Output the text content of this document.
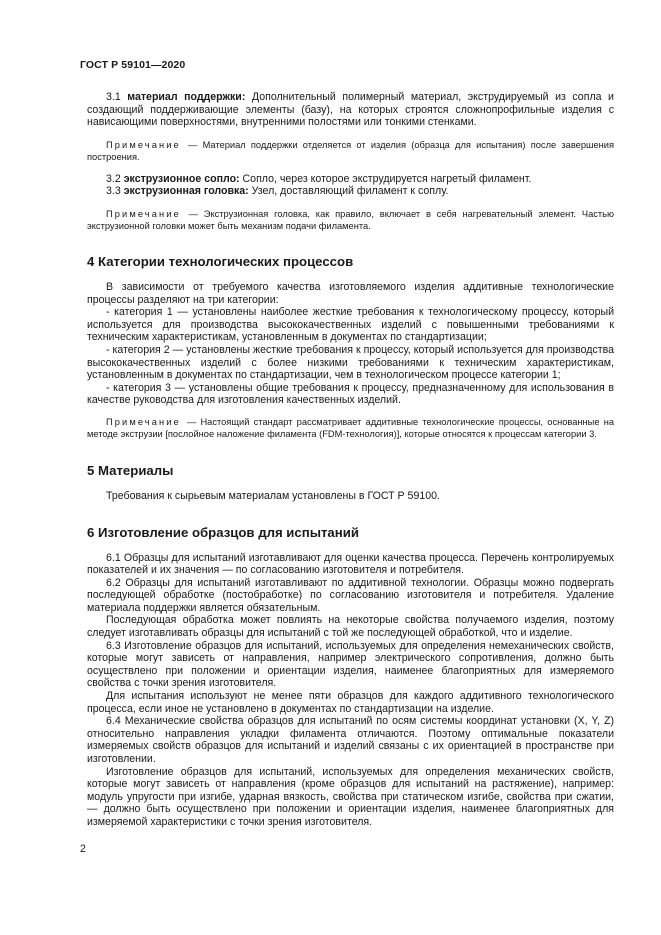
ГОСТ Р 59101—2020

3.1 материал поддержки: Дополнительный полимерный материал, экструдируемый из сопла и создающий поддерживающие элементы (базу), на которых строятся сложнопрофильные изделия с нависающими поверхностями, внутренними полостями или тонкими стенками.

Примечание — Материал поддержки отделяется от изделия (образца для испытания) после завершения построения.

3.2 экструзионное сопло: Сопло, через которое экструдируется нагретый филамент.

3.3 экструзионная головка: Узел, доставляющий филамент к соплу.

Примечание — Экструзионная головка, как правило, включает в себя нагревательный элемент. Частью экструзионной головки может быть механизм подачи филамента.

4 Категории технологических процессов

В зависимости от требуемого качества изготовляемого изделия аддитивные технологические процессы разделяют на три категории:

- категория 1 — установлены наиболее жесткие требования к технологическому процессу, который используется для производства высококачественных изделий с повышенными требованиями к техническим характеристикам, установленным в документах по стандартизации;

- категория 2 — установлены жесткие требования к процессу, который используется для производства высококачественных изделий с более низкими требованиями к техническим характеристикам, установленным в документах по стандартизации, чем в технологическом процессе категории 1;

- категория 3 — установлены общие требования к процессу, предназначенному для использования в качестве руководства для изготовления качественных изделий.

Примечание — Настоящий стандарт рассматривает аддитивные технологические процессы, основанные на методе экструзии [послойное наложение филамента (FDM-технология)], которые относятся к процессам категории 3.

5 Материалы

Требования к сырьевым материалам установлены в ГОСТ Р 59100.

6 Изготовление образцов для испытаний

6.1 Образцы для испытаний изготавливают для оценки качества процесса. Перечень контролируемых показателей и их значения — по согласованию изготовителя и потребителя.

6.2 Образцы для испытаний изготавливают по аддитивной технологии. Образцы можно подвергать последующей обработке (постобработке) по согласованию изготовителя и потребителя. Удаление материала поддержки является обязательным.

Последующая обработка может повлиять на некоторые свойства получаемого изделия, поэтому следует изготавливать образцы для испытаний с той же последующей обработкой, что и изделие.

6.3 Изготовление образцов для испытаний, используемых для определения немеханических свойств, которые могут зависеть от направления, например электрического сопротивления, должно быть осуществлено при положении и ориентации изделия, наименее благоприятных для измеряемого свойства с точки зрения изготовителя.

Для испытания используют не менее пяти образцов для каждого аддитивного технологического процесса, если иное не установлено в документах по стандартизации на изделие.

6.4 Механические свойства образцов для испытаний по осям системы координат установки (X, Y, Z) относительно направления укладки филамента отличаются. Поэтому оптимальные показатели измеряемых свойств образцов для испытаний и изделий связаны с их ориентацией в пространстве при изготовлении.

Изготовление образцов для испытаний, используемых для определения механических свойств, которые могут зависеть от направления (кроме образцов для испытаний на растяжение), например: модуль упругости при изгибе, ударная вязкость, свойства при статическом изгибе, свойства при сжатии, — должно быть осуществлено при положении и ориентации изделия, наименее благоприятных для измеряемой характеристики с точки зрения изготовителя.

2
